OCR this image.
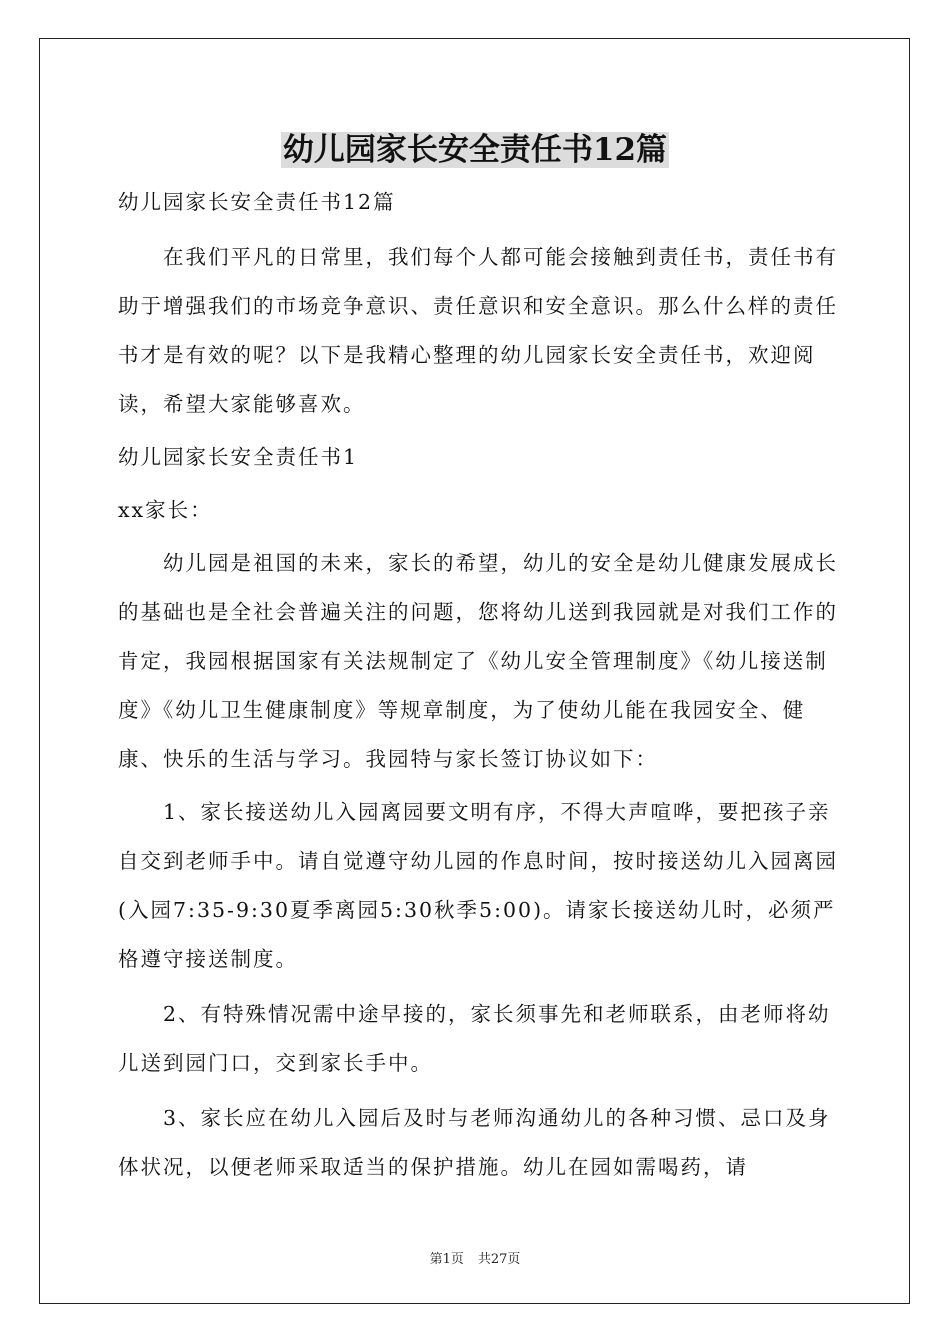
幼儿园家长安全责任书12篇

幼儿园家长安全责任书12篇

在我们平凡的日常里，我们每个人都可能会接触到责任书，责任书有助于增强我们的市场竞争意识、责任意识和安全意识。那么什么样的责任书才是有效的呢？以下是我精心整理的幼儿园家长安全责任书，欢迎阅读，希望大家能够喜欢。

幼儿园家长安全责任书1

xx家长：

幼儿园是祖国的未来，家长的希望，幼儿的安全是幼儿健康发展成长的基础也是全社会普遍关注的问题，您将幼儿送到我园就是对我们工作的肯定，我园根据国家有关法规制定了《幼儿安全管理制度》《幼儿接送制度》《幼儿卫生健康制度》等规章制度，为了使幼儿能在我园安全、健康、快乐的生活与学习。我园特与家长签订协议如下：

1、家长接送幼儿入园离园要文明有序，不得大声喧哗，要把孩子亲自交到老师手中。请自觉遵守幼儿园的作息时间，按时接送幼儿入园离园(入园7:35-9:30夏季离园5:30秋季5:00)。请家长接送幼儿时，必须严格遵守接送制度。

2、有特殊情况需中途早接的，家长须事先和老师联系，由老师将幼儿送到园门口，交到家长手中。

3、家长应在幼儿入园后及时与老师沟通幼儿的各种习惯、忌口及身体状况，以便老师采取适当的保护措施。幼儿在园如需喝药，请

第1页 共27页
